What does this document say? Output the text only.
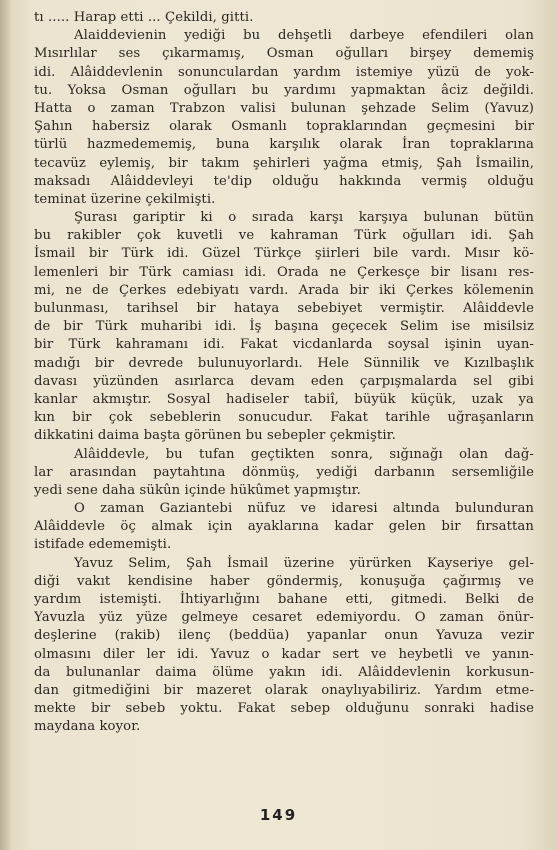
tı ..... Harap etti ... Çekildi, gitti.
Alaiddevienin yediği bu dehşetli darbeye efendileri olan
Mısırlılar ses çıkarmamış, Osman oğulları birşey dememiş
idi. Alâiddevlenin sonunculardan yardım istemiye yüzü de yok-
tu. Yoksa Osman oğulları bu yardımı yapmaktan âciz değildi.
Hatta o zaman Trabzon valisi bulunan şehzade Selim (Yavuz)
Şahın habersiz olarak Osmanlı topraklarından geçmesini bir
türlü hazmedememiş, buna karşılık olarak İran topraklarına
tecavüz eylemiş, bir takım şehirleri yağma etmiş, Şah İsmailin,
maksadı Alâiddevleyi te'dip olduğu hakkında vermiş olduğu
teminat üzerine çekilmişti.
Şurası gariptir ki o sırada karşı karşıya bulunan bütün
bu rakibler çok kuvetli ve kahraman Türk oğulları idi. Şah
İsmail bir Türk idi. Güzel Türkçe şiirleri bile vardı. Mısır kö-
lemenleri bir Türk camiası idi. Orada ne Çerkesçe bir lisanı res-
mi, ne de Çerkes edebiyatı vardı. Arada bir iki Çerkes kölemenin
bulunması, tarihsel bir hataya sebebiyet vermiştir. Alâiddevle
de bir Türk muharibi idi. İş başına geçecek Selim ise misilsiz
bir Türk kahramanı idi. Fakat vicdanlarda soysal işinin uyan-
madığı bir devrede bulunuyorlardı. Hele Sünnilik ve Kızılbaşlık
davası yüzünden asırlarca devam eden çarpışmalarda sel gibi
kanlar akmıştır. Sosyal hadiseler tabiî, büyük küçük, uzak ya
kın bir çok sebeblerin sonucudur. Fakat tarihle uğraşanların
dikkatini daima başta görünen bu sebepler çekmiştir.
Alâiddevle, bu tufan geçtikten sonra, sığınağı olan dağ-
lar arasından paytahtına dönmüş, yediği darbanın sersemliğile
yedi sene daha sükûn içinde hükûmet yapmıştır.
O zaman Gaziantebi nüfuz ve idaresi altında bulunduran
Alâiddevle öç almak için ayaklarına kadar gelen bir fırsattan
istifade edememişti.
Yavuz Selim, Şah İsmail üzerine yürürken Kayseriye gel-
diği vakıt kendisine haber göndermiş, konuşuğa çağırmış ve
yardım istemişti. İhtiyarlığını bahane etti, gitmedi. Belki de
Yavuzla yüz yüze gelmeye cesaret edemiyordu. O zaman önür-
deşlerine (rakib) ilenç (beddüa) yapanlar onun Yavuza vezir
olmasını diler ler idi. Yavuz o kadar sert ve heybetli ve yanın-
da bulunanlar daima ölüme yakın idi. Alâiddevlenin korkusun-
dan gitmediğini bir mazeret olarak onaylıyabiliriz. Yardım etme-
mekte bir sebeb yoktu. Fakat sebep olduğunu sonraki hadise
maydana koyor.
149
